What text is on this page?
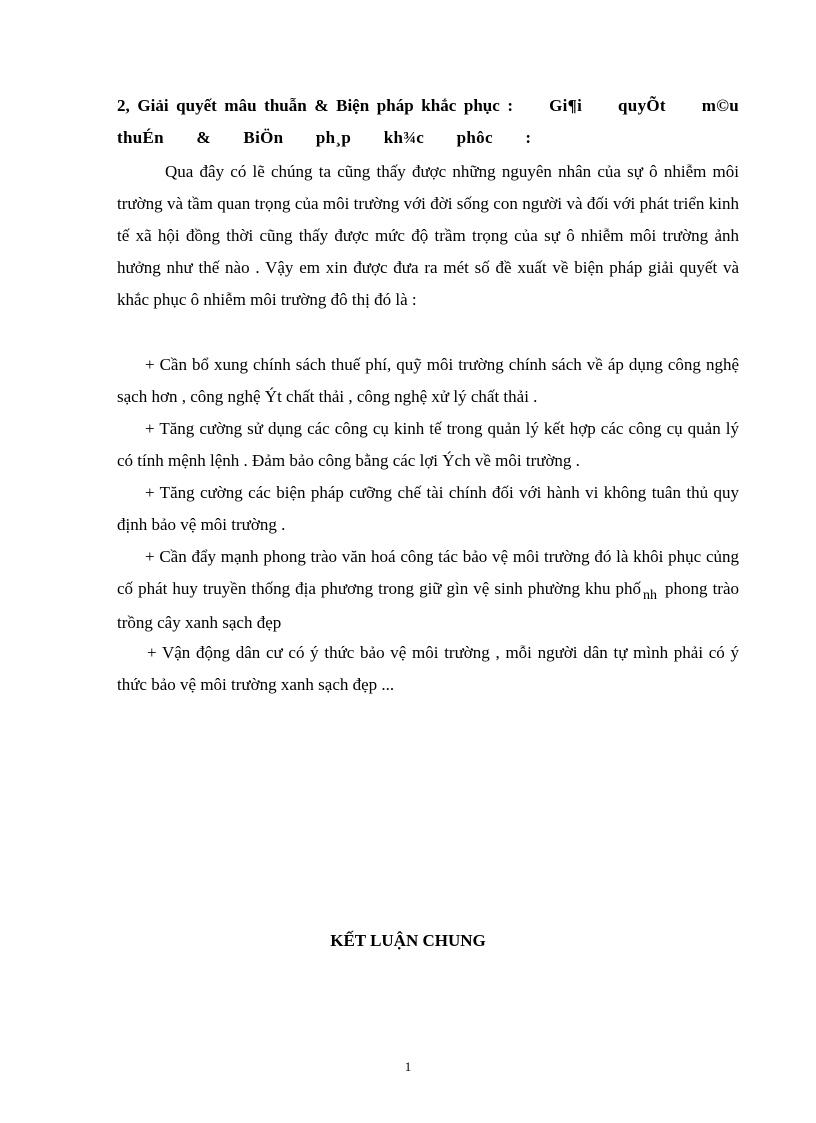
2, Giải quyết mâu thuẫn & Biện pháp khắc phục : Gi¶i quyÕt m©u thuÉn & BiÖn ph¸p kh¾c phôc :

Qua đây có lẽ chúng ta cũng thấy được những nguyên nhân của sự ô nhiễm môi trường và tầm quan trọng của môi trường với đời sống con người và đối với phát triển kinh tế xã hội đồng thời cũng thấy được mức độ trầm trọng của sự ô nhiễm môi trường ảnh hưởng như thế nào . Vậy em xin được đưa ra mét số đề xuất về biện pháp giải quyết và khắc phục ô nhiễm môi trường đô thị đó là :

+ Cần bổ xung chính sách thuế phí, quỹ môi trường chính sách về áp dụng công nghệ sạch hơn , công nghệ Ýt chất thải , công nghệ xử lý chất thải .

+ Tăng cường sử dụng các công cụ kinh tế trong quản lý kết hợp các công cụ quản lý có tính mệnh lệnh . Đảm bảo công bằng các lợi Ých về môi trường .

+ Tăng cường các biện pháp cưỡng chế tài chính đối với hành vi không tuân thủ quy định bảo vệ môi trường .

+ Cần đẩy mạnh phong trào văn hoá công tác bảo vệ môi trường đó là khôi phục củng cố phát huy truyền thống địa phương trong giữ gìn vệ sinh phường khu phố $_{nh}$ phong trào trồng cây xanh sạch đẹp

+ Vận động dân cư có ý thức bảo vệ môi trường , mỗi người dân tự mình phải có ý thức bảo vệ môi trường xanh sạch đẹp ...

KẾT LUẬN CHUNG
1
